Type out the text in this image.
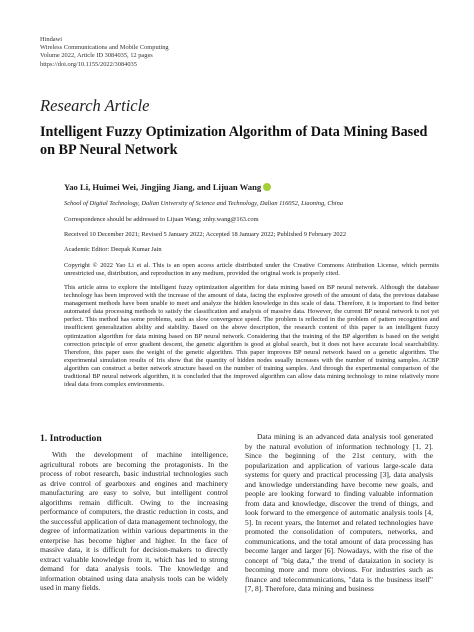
Hindawi
Wireless Communications and Mobile Computing
Volume 2022, Article ID 3084035, 12 pages
https://doi.org/10.1155/2022/3084035
Research Article
Intelligent Fuzzy Optimization Algorithm of Data Mining Based on BP Neural Network
Yao Li, Huimei Wei, Jingjing Jiang, and Lijuan Wang
School of Digital Technology, Dalian University of Science and Technology, Dalian 116052, Liaoning, China
Correspondence should be addressed to Lijuan Wang; znhy.wang@163.com
Received 10 December 2021; Revised 5 January 2022; Accepted 18 January 2022; Published 9 February 2022
Academic Editor: Deepak Kumar Jain
Copyright © 2022 Yao Li et al. This is an open access article distributed under the Creative Commons Attribution License, which permits unrestricted use, distribution, and reproduction in any medium, provided the original work is properly cited.
This article aims to explore the intelligent fuzzy optimization algorithm for data mining based on BP neural network. Although the database technology has been improved with the increase of the amount of data, facing the explosive growth of the amount of data, the previous database management methods have been unable to meet and analyze the hidden knowledge in this scale of data. Therefore, it is important to find better automated data processing methods to satisfy the classification and analysis of massive data. However, the current BP neural network is not yet perfect. This method has some problems, such as slow convergence speed. The problem is reflected in the problem of pattern recognition and insufficient generalization ability and stability. Based on the above description, the research content of this paper is an intelligent fuzzy optimization algorithm for data mining based on BP neural network. Considering that the training of the BP algorithm is based on the weight correction principle of error gradient descent, the genetic algorithm is good at global search, but it does not have accurate local searchability. Therefore, this paper uses the weight of the genetic algorithm. This paper improves BP neural network based on a genetic algorithm. The experimental simulation results of Iris show that the quantity of hidden nodes usually increases with the number of training samples. ACBP algorithm can construct a better network structure based on the number of training samples. And through the experimental comparison of the traditional BP neural network algorithm, it is concluded that the improved algorithm can allow data mining technology to mine relatively more ideal data from complex environments.
1. Introduction

With the development of machine intelligence, agricultural robots are becoming the protagonists. In the process of robot research, basic industrial technologies such as drive control of gearboxes and engines and machinery manufacturing are easy to solve, but intelligent control algorithms remain difficult. Owing to the increasing performance of computers, the drastic reduction in costs, and the successful application of data management technology, the degree of informatization within various departments in the enterprise has become higher and higher. In the face of massive data, it is difficult for decision-makers to directly extract valuable knowledge from it, which has led to strong demand for data analysis tools. The knowledge and information obtained using data analysis tools can be widely used in many fields.

Data mining is an advanced data analysis tool generated by the natural evolution of information technology [1, 2]. Since the beginning of the 21st century, with the popularization and application of various large-scale data systems for query and practical processing [3], data analysis and knowledge understanding have become new goals, and people are looking forward to finding valuable information from data and knowledge, discover the trend of things, and look forward to the emergence of automatic analysis tools [4, 5]. In recent years, the Internet and related technologies have promoted the consolidation of computers, networks, and communications, and the total amount of data processing has become larger and larger [6]. Nowadays, with the rise of the concept of "big data," the trend of dataization in society is becoming more and more obvious. For industries such as finance and telecommunications, "data is the business itself" [7, 8]. Therefore, data mining and business
